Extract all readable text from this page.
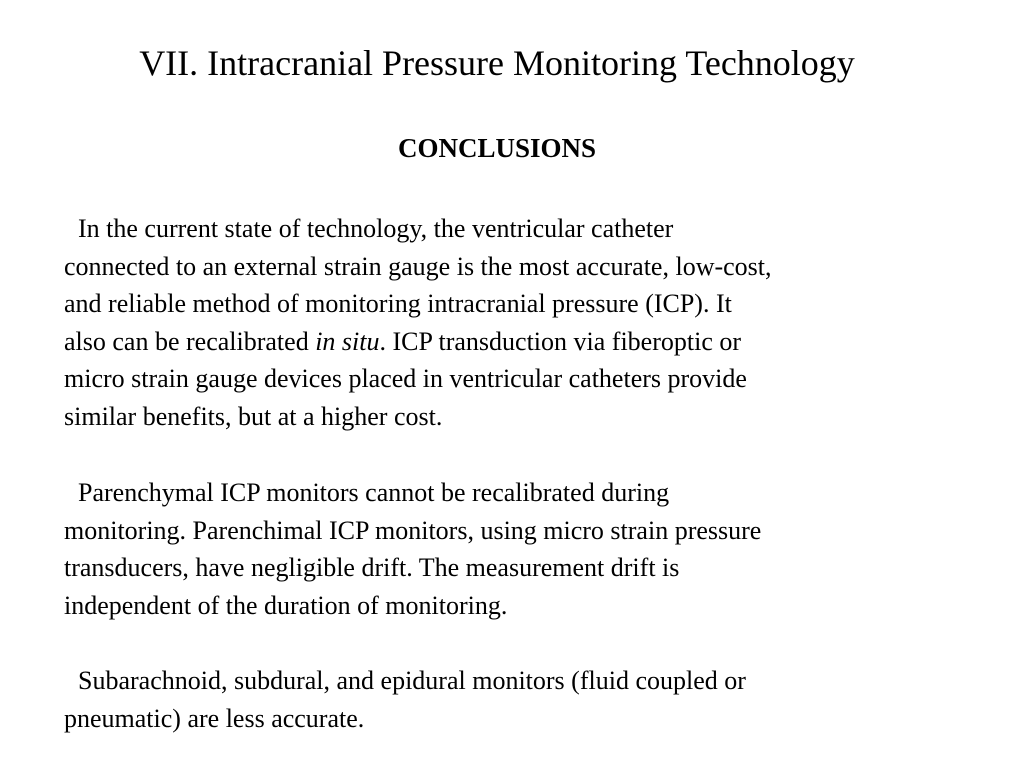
VII. Intracranial Pressure Monitoring Technology
CONCLUSIONS

In the current state of technology, the ventricular catheter
connected to an external strain gauge is the most accurate, low-cost,
and reliable method of monitoring intracranial pressure (ICP). It
also can be recalibrated in situ. ICP transduction via fiberoptic or
micro strain gauge devices placed in ventricular catheters provide
similar benefits, but at a higher cost.

Parenchymal ICP monitors cannot be recalibrated during
monitoring. Parenchimal ICP monitors, using micro strain pressure
transducers, have negligible drift. The measurement drift is
independent of the duration of monitoring.

Subarachnoid, subdural, and epidural monitors (fluid coupled or
pneumatic) are less accurate.
